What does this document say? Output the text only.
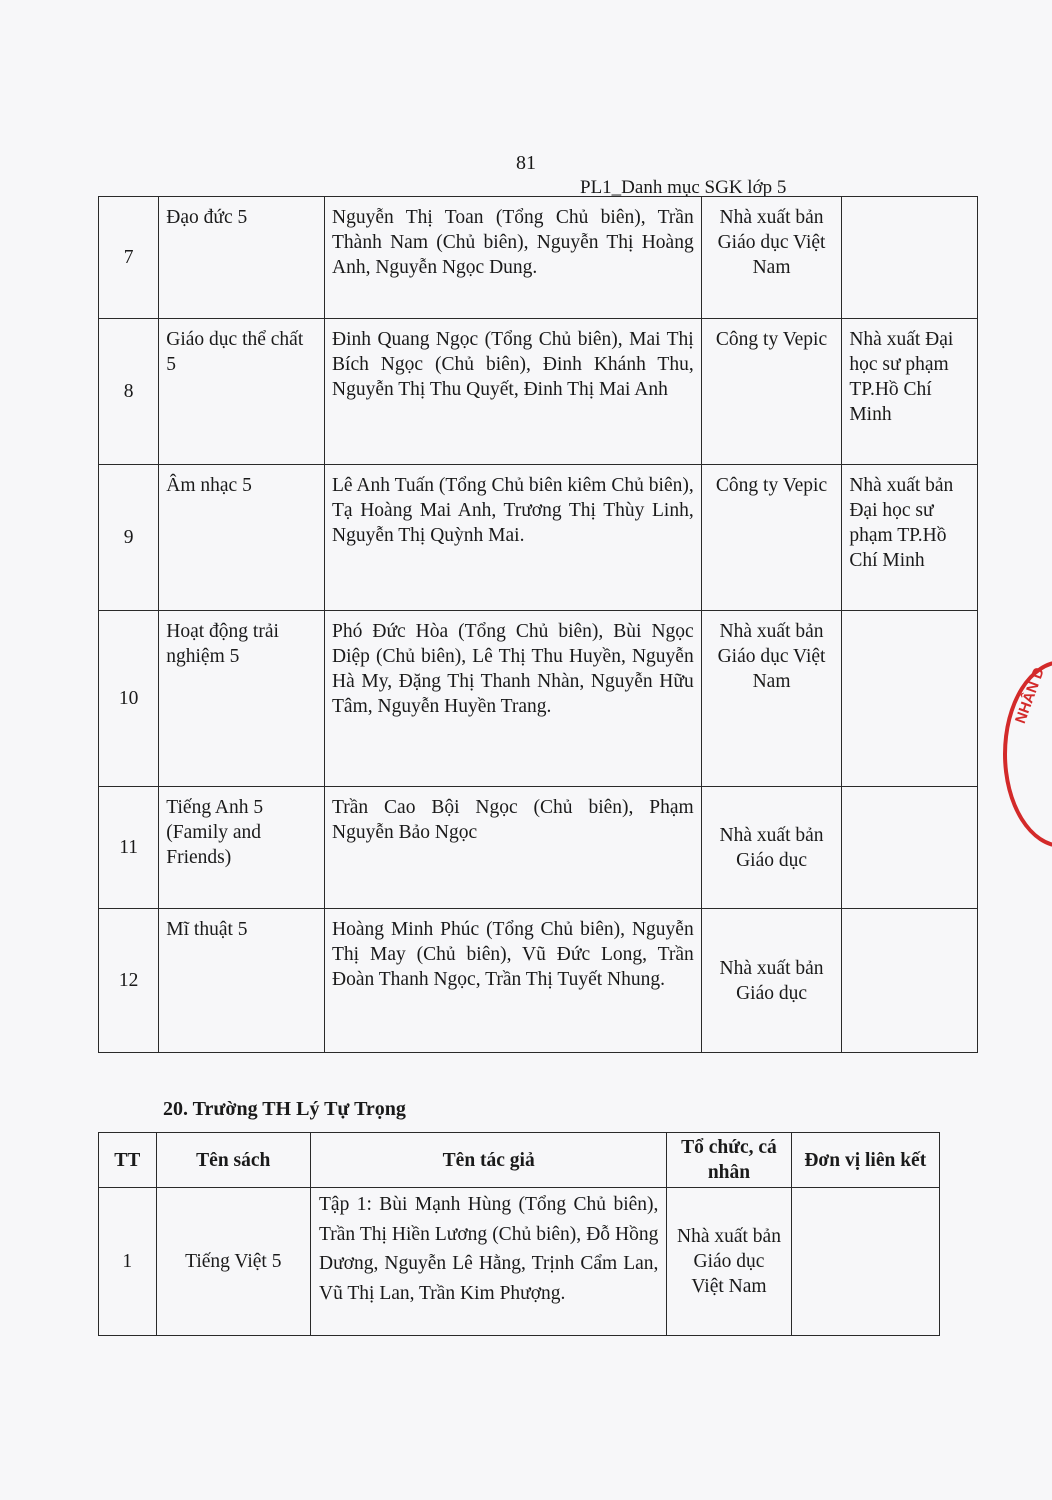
81
PL1_Danh mục SGK lớp 5
7	Đạo đức 5	Nguyễn Thị Toan (Tổng Chủ biên), Trần Thành Nam (Chủ biên), Nguyễn Thị Hoàng Anh, Nguyễn Ngọc Dung.	Nhà xuất bản Giáo dục Việt Nam	
8	Giáo dục thể chất 5	Đinh Quang Ngọc (Tổng Chủ biên), Mai Thị Bích Ngọc (Chủ biên), Đinh Khánh Thu, Nguyễn Thị Thu Quyết, Đinh Thị Mai Anh	Công ty Vepic	Nhà xuất Đại học sư phạm TP.Hồ Chí Minh
9	Âm nhạc 5	Lê Anh Tuấn (Tổng Chủ biên kiêm Chủ biên), Tạ Hoàng Mai Anh, Trương Thị Thùy Linh, Nguyễn Thị Quỳnh Mai.	Công ty Vepic	Nhà xuất bản Đại học sư phạm TP.Hồ Chí Minh
10	Hoạt động trải nghiệm 5	Phó Đức Hòa (Tổng Chủ biên), Bùi Ngọc Diệp (Chủ biên), Lê Thị Thu Huyền, Nguyễn Hà My, Đặng Thị Thanh Nhàn, Nguyễn Hữu Tâm, Nguyễn Huyền Trang.	Nhà xuất bản Giáo dục Việt Nam	
11	Tiếng Anh 5 (Family and Friends)	Trần Cao Bội Ngọc (Chủ biên), Phạm Nguyễn Bảo Ngọc	Nhà xuất bản Giáo dục	
12	Mĩ thuật 5	Hoàng Minh Phúc (Tổng Chủ biên), Nguyễn Thị May (Chủ biên), Vũ Đức Long, Trần Đoàn Thanh Ngọc, Trần Thị Tuyết Nhung.	Nhà xuất bản Giáo dục	
20. Trường TH Lý Tự Trọng
TT	Tên sách	Tên tác giả	Tổ chức, cá nhân	Đơn vị liên kết
1	Tiếng Việt 5	Tập 1: Bùi Mạnh Hùng (Tổng Chủ biên), Trần Thị Hiền Lương (Chủ biên), Đỗ Hồng Dương, Nguyễn Lê Hằng, Trịnh Cẩm Lan, Vũ Thị Lan, Trần Kim Phượng.	Nhà xuất bản Giáo dục Việt Nam	
NHÂN D
